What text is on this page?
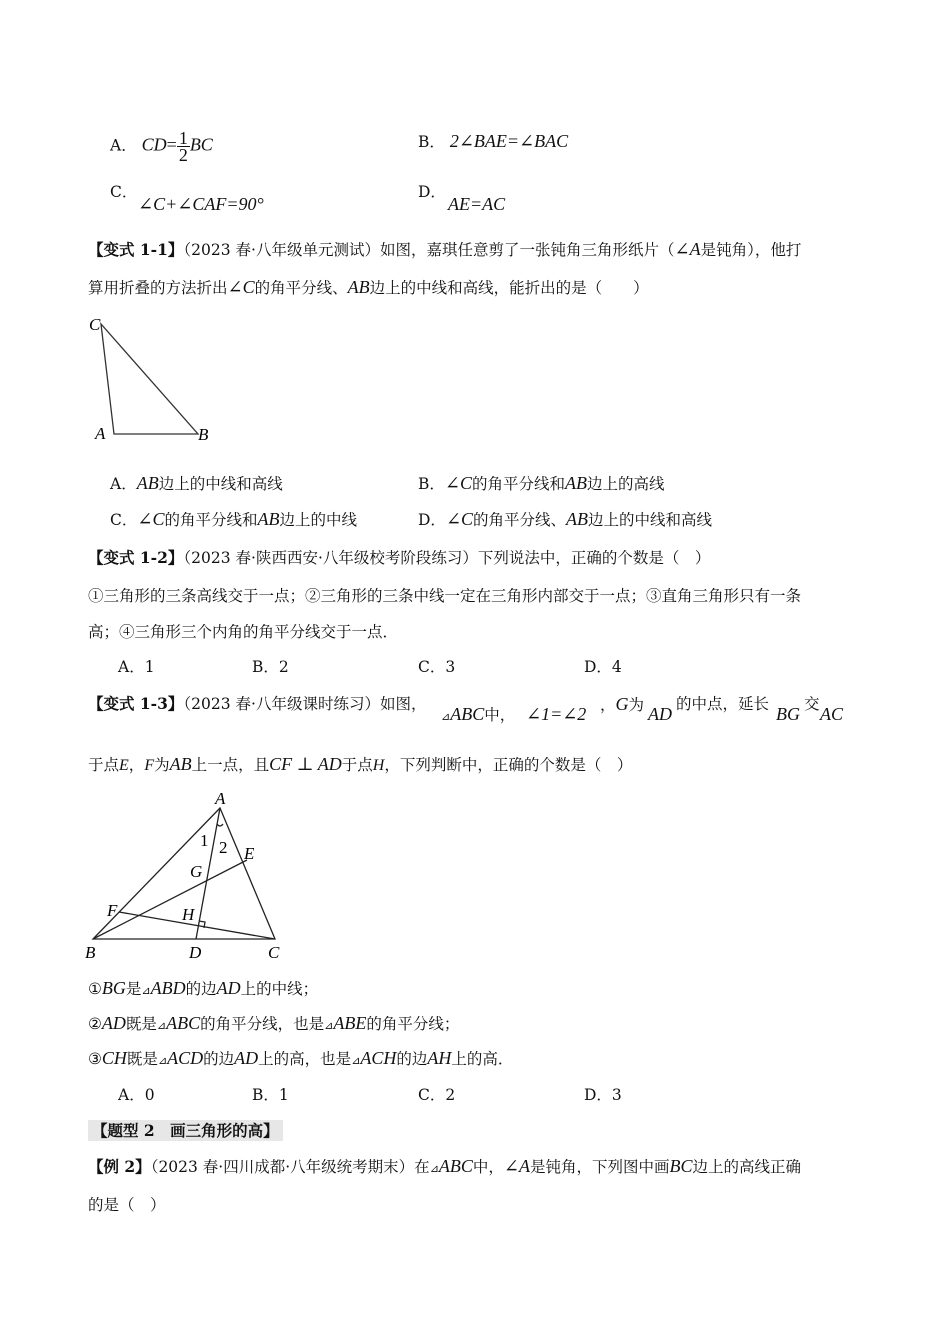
A． $CD= \frac{1}{2}$ BC	B． 2∠BAE=∠BAC
C．
∠C+∠CAF=90°
D．
AE=AC
【变式 1-1】（2023 春·八年级单元测试）如图，嘉琪任意剪了一张钝角三角形纸片（∠A是钝角），他打
算用折叠的方法折出∠C的角平分线、AB边上的中线和高线，能折出的是（　　）
C
A	B
A．AB边上的中线和高线	B．∠C的角平分线和AB边上的高线
C．∠C的角平分线和AB边上的中线	D．∠C的角平分线、AB边上的中线和高线
【变式 1-2】（2023 春·陕西西安·八年级校考阶段练习）下列说法中，正确的个数是（　）
①三角形的三条高线交于一点；②三角形的三条中线一定在三角形内部交于一点；③直角三角形只有一条
高；④三角形三个内角的角平分线交于一点．
A．1	B．2	C．3	D．4
【变式 1-3】（2023 春·八年级课时练习）如图，
⊿ABC中， ∠1=∠2 ，G为 AD 的中点，延长 BG 交 AC
于点E，F为AB上一点，且CF ⊥ AD于点H，下列判断中，正确的个数是（　）
A
B	C
D
E
F
G
H
1 2
①BG是⊿ABD的边AD上的中线；
②AD既是⊿ABC的角平分线，也是⊿ABE的角平分线；
③CH既是⊿ACD的边AD上的高，也是⊿ACH的边AH上的高．
A．0	B．1	C．2	D．3
【题型 2　画三角形的高】
【例 2】（2023 春·四川成都·八年级统考期末）在⊿ABC中，∠A是钝角，下列图中画BC边上的高线正确
的是（　）
